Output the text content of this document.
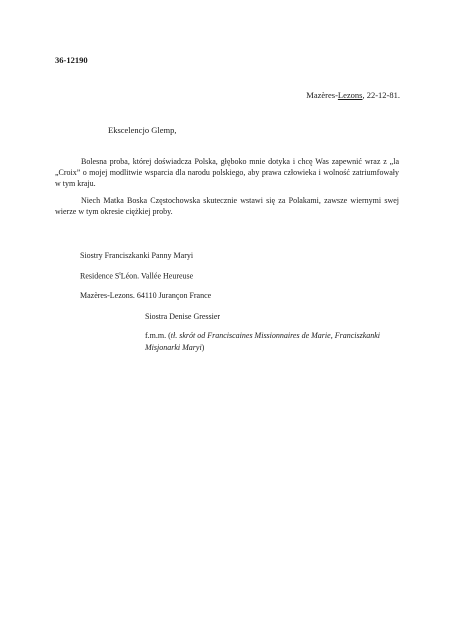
36-12190
Mazères-Lezons, 22-12-81.
Ekscelencjo Glemp,

Bolesna proba, której doświadcza Polska, głęboko mnie dotyka i chcę Was zapewnić wraz z „la „Croix” o mojej modlitwie wsparcia dla narodu polskiego, aby prawa człowieka i wolność zatriumfowały w tym kraju.

Niech Matka Boska Częstochowska skutecznie wstawi się za Polakami, zawsze wiernymi swej wierze w tym okresie ciężkiej proby.

Siostry Franciszkanki Panny Maryi
Residence $S^tLéon$. Vallée Heureuse
Mazères-Lezons. 64110 Jurançon France
Siostra Denise Gressier
f.m.m. (tł. skrót od Franciscaines Missionnaires de Marie, Franciszkanki Misjonarki Maryi)
